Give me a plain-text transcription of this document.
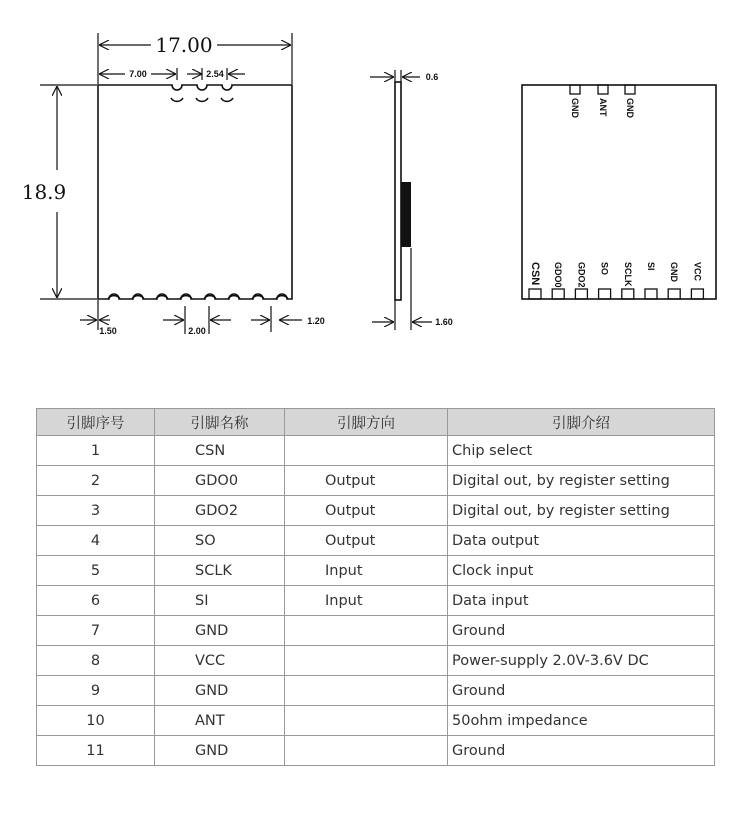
17.00
7.00	2.54
18.9
1.50	2.00
1.20
0.6
1.60
GND ANT GND
CSN GDO0 GDO2 SO SCLK SI GND VCC
引脚序号	引脚名称	引脚方向	引脚介绍
1	CSN		Chip select
2	GDO0	Output	Digital out, by register setting
3	GDO2	Output	Digital out, by register setting
4	SO	Output	Data output
5	SCLK	Input	Clock input
6	SI	Input	Data input
7	GND		Ground
8	VCC		Power-supply 2.0V-3.6V DC
9	GND		Ground
10	ANT		50ohm impedance
11	GND		Ground
